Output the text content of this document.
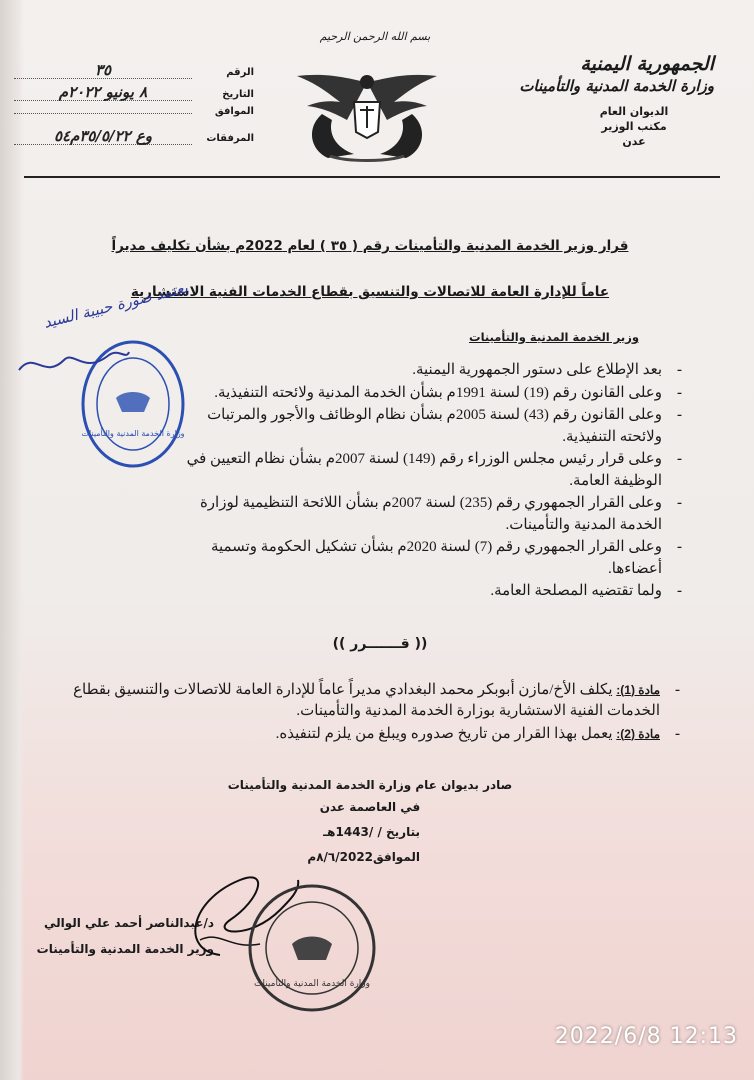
الجمهورية اليمنية
وزارة الخدمة المدنية والتأمينات
الديوان العام
مكتب الوزير
عدن
بسم الله الرحمن الرحيم
الرقم
٣٥
التاريخ
٨ يونيو ٢٠٢٢م
الموافق
المرفقات
وع ٣٥/٥/٢٢م٥٤
قرار وزير الخدمة المدنية والتأمينات رقم ( ٣٥ ) لعام 2022م بشأن تكليف مديراً
عاماً للإدارة العامة للاتصالات والتنسيق بقطاع الخدمات الفنية الاستشارية
وزير الخدمة المدنية والتأمينات
- بعد الإطلاع على دستور الجمهورية اليمنية.
- وعلى القانون رقم (19) لسنة 1991م بشأن الخدمة المدنية ولائحته التنفيذية.
- وعلى القانون رقم (43) لسنة 2005م بشأن نظام الوظائف والأجور والمرتبات ولائحته التنفيذية.
- وعلى قرار رئيس مجلس الوزراء رقم (149) لسنة 2007م بشأن نظام التعيين في الوظيفة العامة.
- وعلى القرار الجمهوري رقم (235) لسنة 2007م بشأن اللائحة التنظيمية لوزارة الخدمة المدنية والتأمينات.
- وعلى القرار الجمهوري رقم (7) لسنة 2020م بشأن تشكيل الحكومة وتسمية أعضاءها.
- ولما تقتضيه المصلحة العامة.
(( قـــــــرر ))
- مادة (1): يكلف الأخ/مازن أبوبكر محمد البغدادي مديراً عاماً للإدارة العامة للاتصالات والتنسيق بقطاع الخدمات الفنية الاستشارية بوزارة الخدمة المدنية والتأمينات.
- مادة (2): يعمل بهذا القرار من تاريخ صدوره ويبلغ من يلزم لتنفيذه.
صادر بديوان عام وزارة الخدمة المدنية والتأمينات
في العاصمة عدن
بتاريخ / /1443هـ
الموافق٨/٦/2022م
د/عبدالناصر أحمد علي الوالي
وزير الخدمة المدنية والتأمينات
وزارة الخدمة المدنية والتأمينات
وزارة الخدمة المدنية والتأمينات
يعتمد صورة حبيبة السيد
2022/6/8 12:13
